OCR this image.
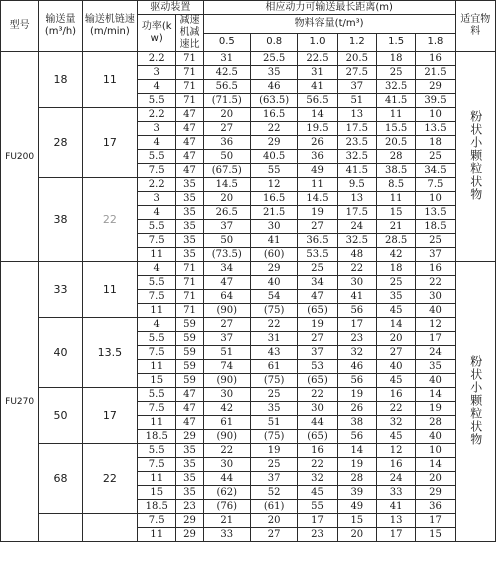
型号	输送量(m³/h)	输送机链速(m/min)	驱动装置		相应动力可输送最长距离(m)						适宜物料
			功率(kw)	减速机减速比	物料容量(t/m³)						
					0.5	0.8	1.0	1.2	1.5	1.8	
FU200	18	11	2.2	71	31	25.5	22.5	20.5	18	16	粉状小颗粒状物
			3	71	42.5	35	31	27.5	25	21.5	
			4	71	56.5	46	41	37	32.5	29	
			5.5	71	(71.5)	(63.5)	56.5	51	41.5	39.5	
	28	17	2.2	47	20	16.5	14	13	11	10	
			3	47	27	22	19.5	17.5	15.5	13.5	
			4	47	36	29	26	23.5	20.5	18	
			5.5	47	50	40.5	36	32.5	28	25	
			7.5	47	(67.5)	55	49	41.5	38.5	34.5	
	38	22	2.2	35	14.5	12	11	9.5	8.5	7.5	
			3	35	20	16.5	14.5	13	11	10	
			4	35	26.5	21.5	19	17.5	15	13.5	
			5.5	35	37	30	27	24	21	18.5	
			7.5	35	50	41	36.5	32.5	28.5	25	
			11	35	(73.5)	(60)	53.5	48	42	37	
FU270	33	11	4	71	34	29	25	22	18	16	粉状小颗粒状物
			5.5	71	47	40	34	30	25	22	
			7.5	71	64	54	47	41	35	30	
			11	71	(90)	(75)	(65)	56	45	40	
	40	13.5	4	59	27	22	19	17	14	12	
			5.5	59	37	31	27	23	20	17	
			7.5	59	51	43	37	32	27	24	
			11	59	74	61	53	46	40	35	
			15	59	(90)	(75)	(65)	56	45	40	
	50	17	5.5	47	30	25	22	19	16	14	
			7.5	47	42	35	30	26	22	19	
			11	47	61	51	44	38	32	28	
			18.5	29	(90)	(75)	(65)	56	45	40	
	68	22	5.5	35	22	19	16	14	12	10	
			7.5	35	30	25	22	19	16	14	
			11	35	44	37	32	28	24	20	
			15	35	(62)	52	45	39	33	29	
			18.5	23	(76)	(61)	55	49	41	36	
			7.5	29	21	20	17	15	13	17	
			11	29	33	27	23	20	17	15	
